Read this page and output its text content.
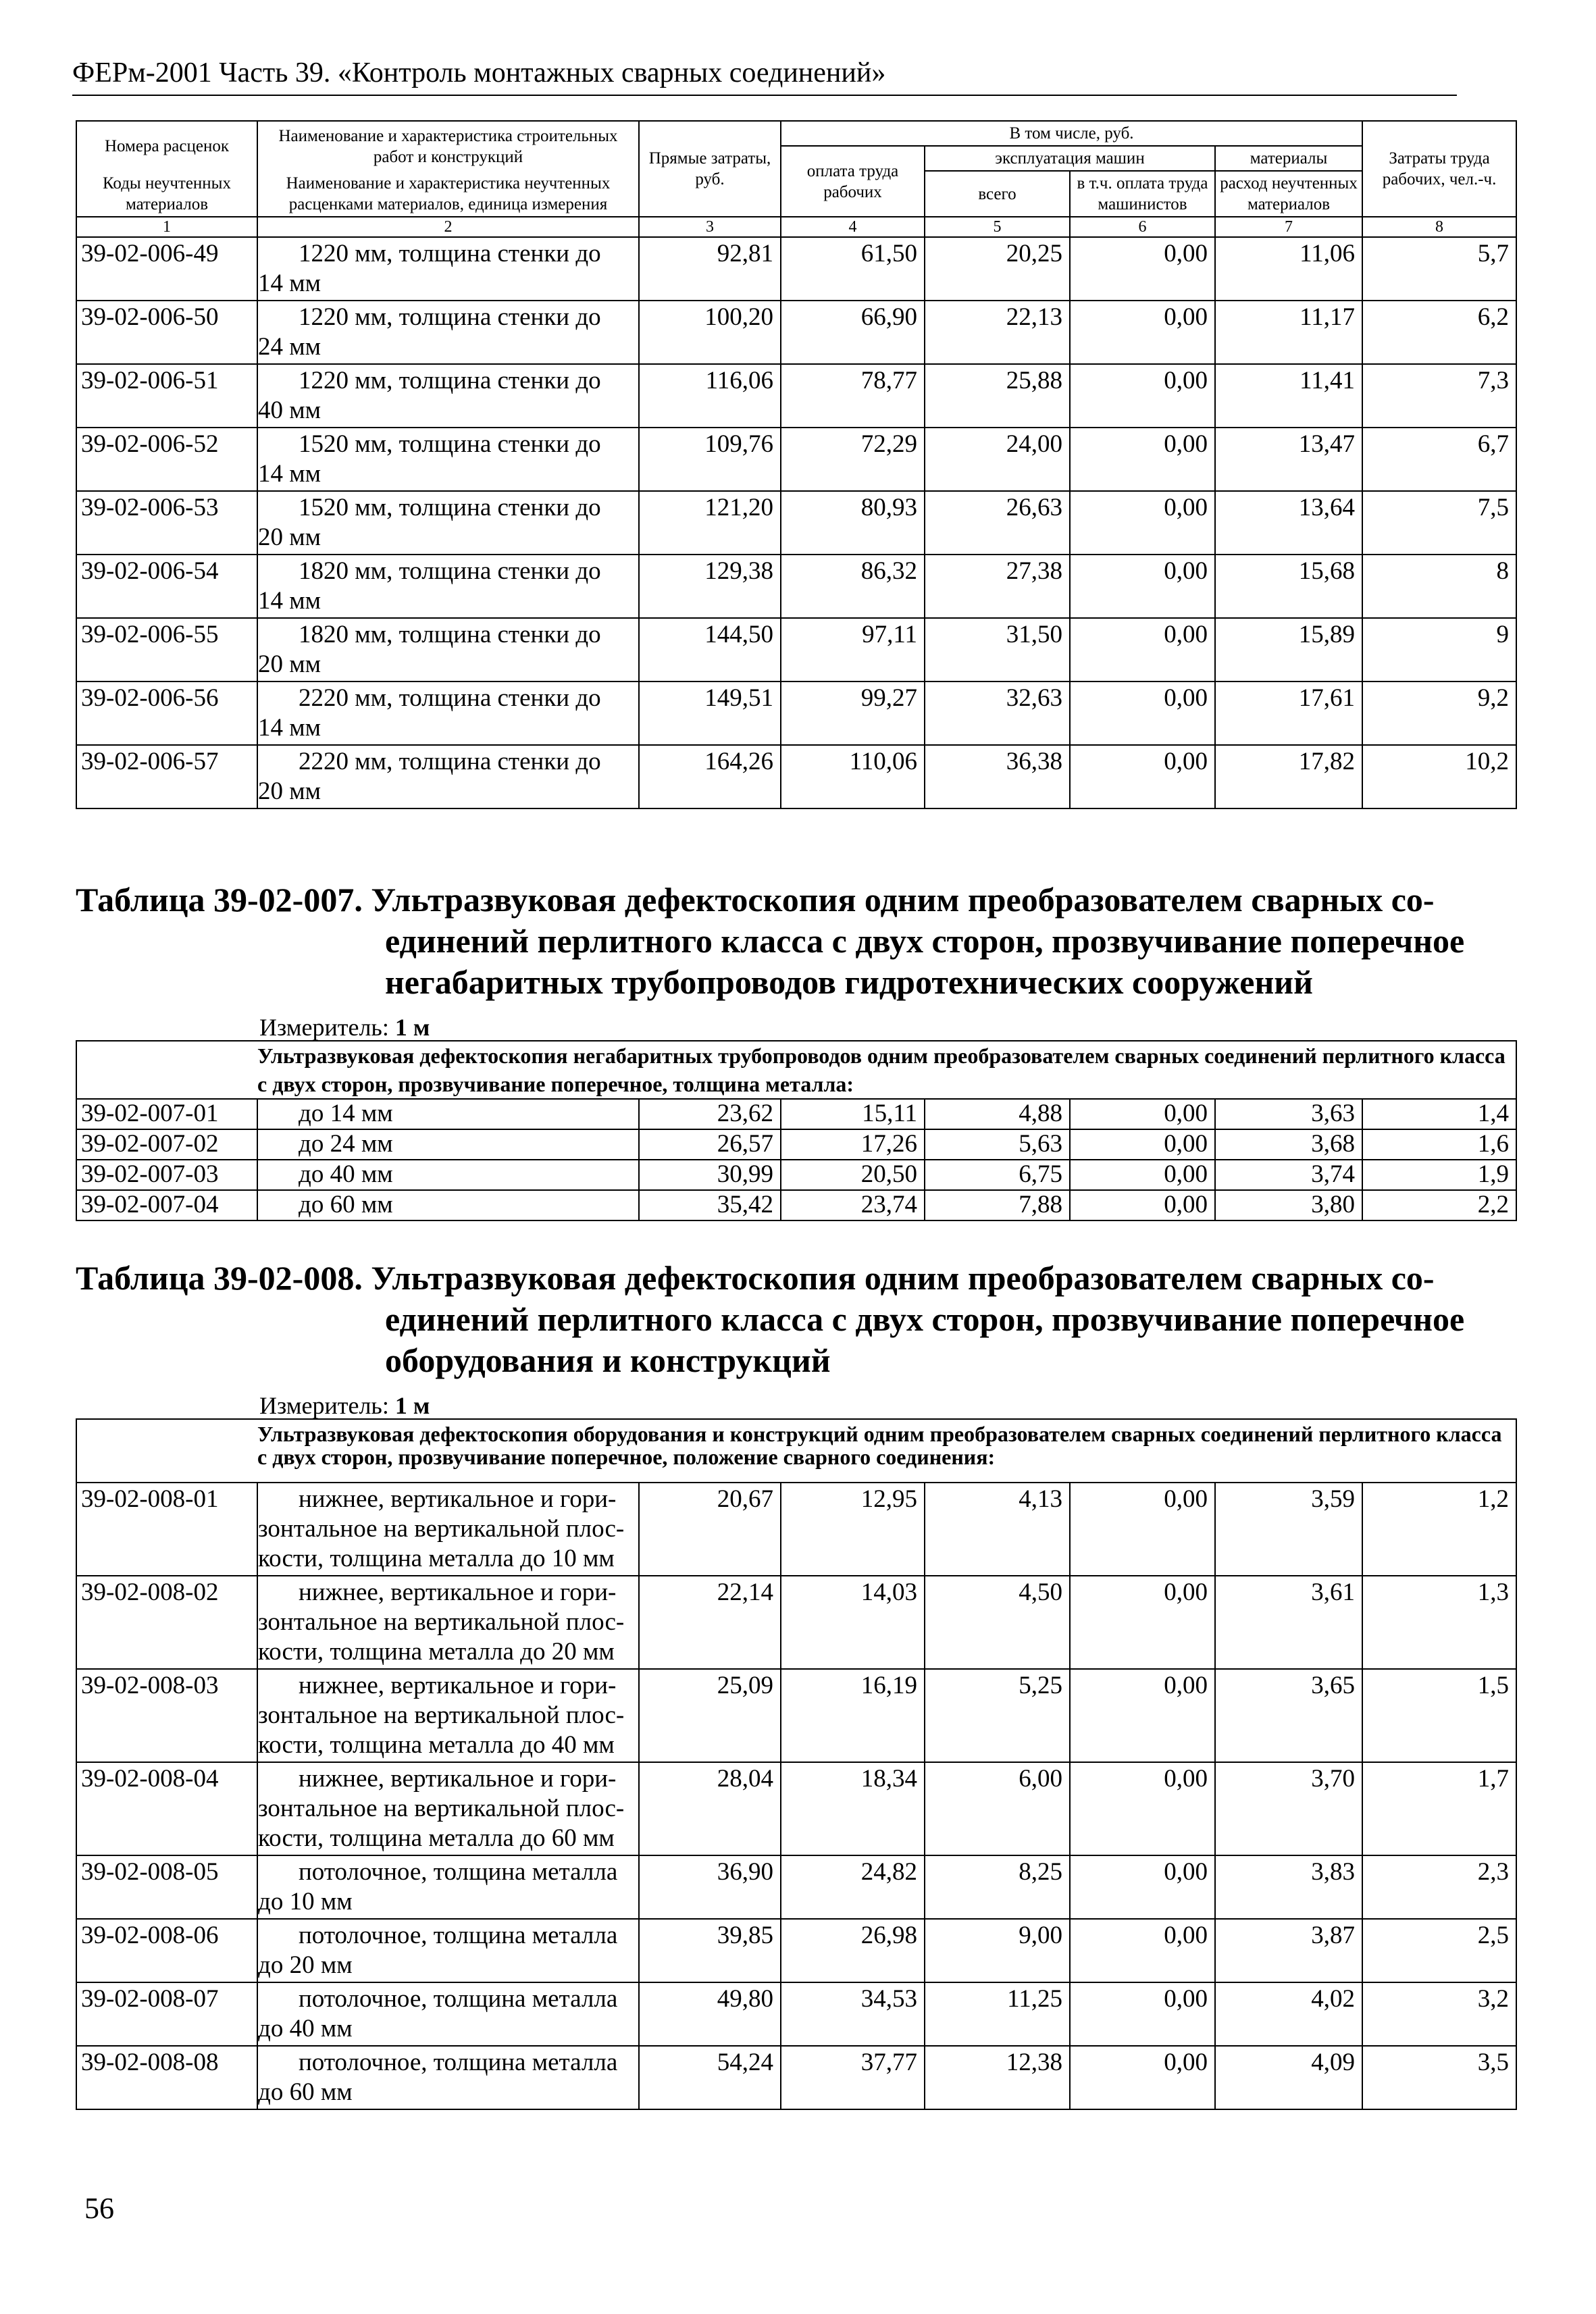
ФЕРм-2001 Часть 39. «Контроль монтажных сварных соединений»
Номера расценок	Наименование и характеристика строительных работ и конструкций	Прямые затраты, руб.	В том числе, руб.				Затраты труда рабочих, чел.-ч.
			оплата труда рабочих	эксплуатация машин		материалы	
Коды неучтенных материалов	Наименование и характеристика неучтенных расценками материалов, единица измерения			всего	в т.ч. оплата труда машинистов	расход неучтенных материалов	

1	2	3	4	5	6	7	8
39-02-006-49	1220 мм, толщина стенки до
14 мм	92,81	61,50	20,25	0,00	11,06	5,7
39-02-006-50	1220 мм, толщина стенки до
24 мм	100,20	66,90	22,13	0,00	11,17	6,2
39-02-006-51	1220 мм, толщина стенки до
40 мм	116,06	78,77	25,88	0,00	11,41	7,3
39-02-006-52	1520 мм, толщина стенки до
14 мм	109,76	72,29	24,00	0,00	13,47	6,7
39-02-006-53	1520 мм, толщина стенки до
20 мм	121,20	80,93	26,63	0,00	13,64	7,5
39-02-006-54	1820 мм, толщина стенки до
14 мм	129,38	86,32	27,38	0,00	15,68	8
39-02-006-55	1820 мм, толщина стенки до
20 мм	144,50	97,11	31,50	0,00	15,89	9
39-02-006-56	2220 мм, толщина стенки до
14 мм	149,51	99,27	32,63	0,00	17,61	9,2
39-02-006-57	2220 мм, толщина стенки до
20 мм	164,26	110,06	36,38	0,00	17,82	10,2
Таблица 39-02-007. Ультразвуковая дефектоскопия одним преобразователем сварных со-
единений перлитного класса с двух сторон, прозвучивание поперечное
негабаритных трубопроводов гидротехнических сооружений
Измеритель: 1 м
	Ультразвуковая дефектоскопия негабаритных трубопроводов одним преобразователем сварных соединений перлитного класса с двух сторон, прозвучивание поперечное, толщина металла:						
39-02-007-01	до 14 мм	23,62	15,11	4,88	0,00	3,63	1,4
39-02-007-02	до 24 мм	26,57	17,26	5,63	0,00	3,68	1,6
39-02-007-03	до 40 мм	30,99	20,50	6,75	0,00	3,74	1,9
39-02-007-04	до 60 мм	35,42	23,74	7,88	0,00	3,80	2,2
Таблица 39-02-008. Ультразвуковая дефектоскопия одним преобразователем сварных со-
единений перлитного класса с двух сторон, прозвучивание поперечное
оборудования и конструкций
Измеритель: 1 м
	Ультразвуковая дефектоскопия оборудования и конструкций одним преобразователем сварных соединений перлитного класса с двух сторон, прозвучивание поперечное, положение сварного соединения:						
39-02-008-01	нижнее, вертикальное и гори-
зонтальное на вертикальной плос-
кости, толщина металла до 10 мм	20,67	12,95	4,13	0,00	3,59	1,2
39-02-008-02	нижнее, вертикальное и гори-
зонтальное на вертикальной плос-
кости, толщина металла до 20 мм	22,14	14,03	4,50	0,00	3,61	1,3
39-02-008-03	нижнее, вертикальное и гори-
зонтальное на вертикальной плос-
кости, толщина металла до 40 мм	25,09	16,19	5,25	0,00	3,65	1,5
39-02-008-04	нижнее, вертикальное и гори-
зонтальное на вертикальной плос-
кости, толщина металла до 60 мм	28,04	18,34	6,00	0,00	3,70	1,7
39-02-008-05	потолочное, толщина металла
до 10 мм	36,90	24,82	8,25	0,00	3,83	2,3
39-02-008-06	потолочное, толщина металла
до 20 мм	39,85	26,98	9,00	0,00	3,87	2,5
39-02-008-07	потолочное, толщина металла
до 40 мм	49,80	34,53	11,25	0,00	4,02	3,2
39-02-008-08	потолочное, толщина металла
до 60 мм	54,24	37,77	12,38	0,00	4,09	3,5
56
